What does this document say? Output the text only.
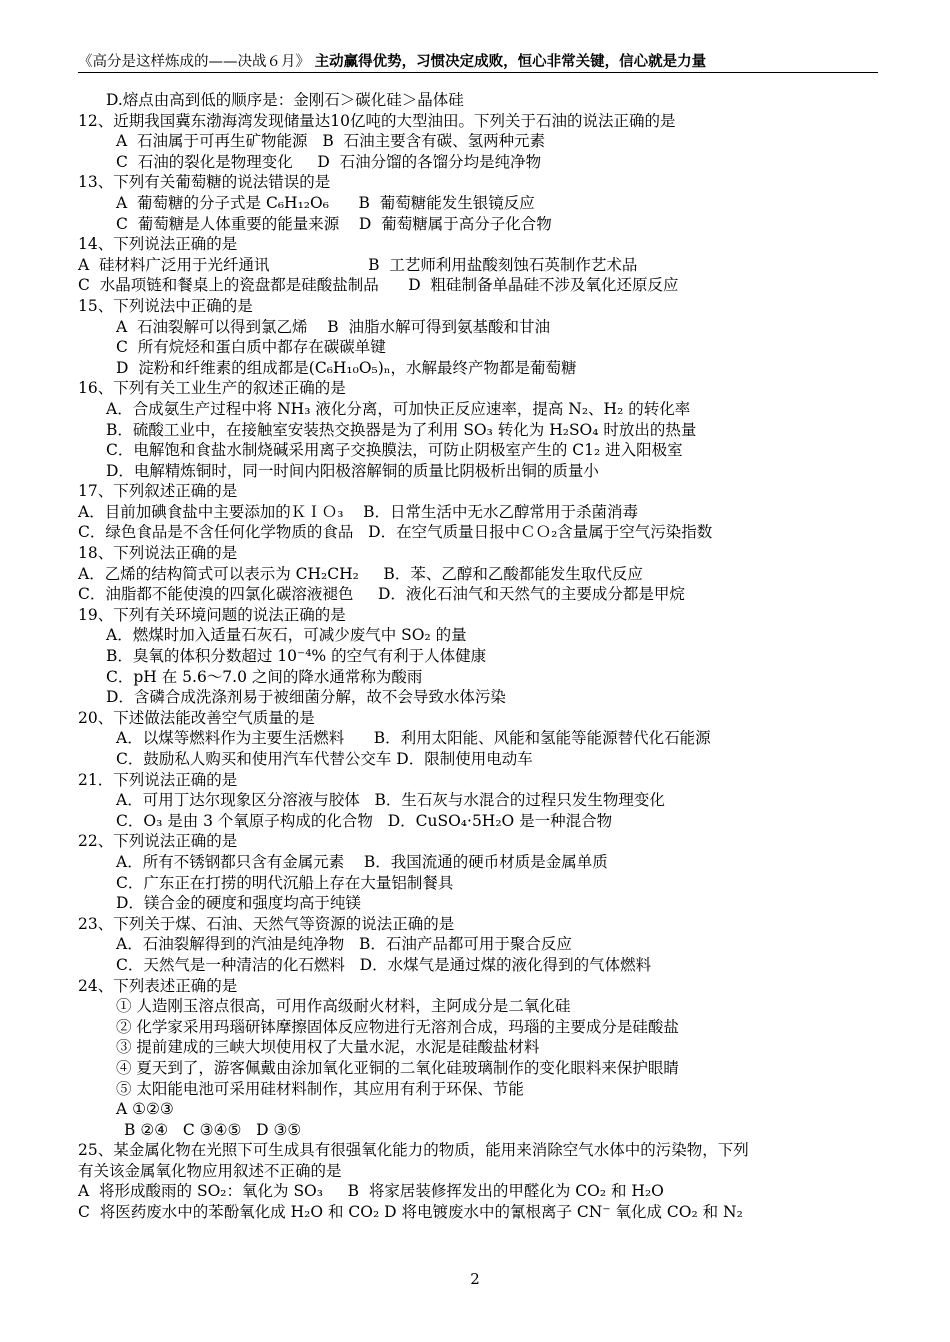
《高分是这样炼成的——决战６月》 主动赢得优势，习惯决定成败，恒心非常关键，信心就是力量
D.熔点由高到低的顺序是：金刚石＞碳化硅＞晶体硅
12、近期我国冀东渤海湾发现储量达10亿吨的大型油田。下列关于石油的说法正确的是
A  石油属于可再生矿物能源   B  石油主要含有碳、氢两种元素
C  石油的裂化是物理变化     D  石油分馏的各馏分均是纯净物
13、下列有关葡萄糖的说法错误的是
A  葡萄糖的分子式是 C₆H₁₂O₆      B  葡萄糖能发生银镜反应
C  葡萄糖是人体重要的能量来源    D  葡萄糖属于高分子化合物
14、下列说法正确的是
A  硅材料广泛用于光纤通讯                    B  工艺师利用盐酸刻蚀石英制作艺术品
C  水晶项链和餐桌上的瓷盘都是硅酸盐制品      D  粗硅制备单晶硅不涉及氧化还原反应
15、下列说法中正确的是
A  石油裂解可以得到氯乙烯    B  油脂水解可得到氨基酸和甘油
C  所有烷烃和蛋白质中都存在碳碳单键
D  淀粉和纤维素的组成都是(C₆H₁₀O₅)ₙ，水解最终产物都是葡萄糖
16、下列有关工业生产的叙述正确的是
A．合成氨生产过程中将 NH₃ 液化分离，可加快正反应速率，提高 N₂、H₂ 的转化率
B．硫酸工业中，在接触室安装热交换器是为了利用 SO₃ 转化为 H₂SO₄ 时放出的热量
C．电解饱和食盐水制烧碱采用离子交换膜法，可防止阴极室产生的 C1₂ 进入阳极室
D．电解精炼铜时，同一时间内阳极溶解铜的质量比阴极析出铜的质量小
17、下列叙述正确的是
A．目前加碘食盐中主要添加的ＫＩＯ₃    B．日常生活中无水乙醇常用于杀菌消毒
C．绿色食品是不含任何化学物质的食品   D．在空气质量日报中ＣＯ₂含量属于空气污染指数
18、下列说法正确的是
A．乙烯的结构简式可以表示为 CH₂CH₂     B．苯、乙醇和乙酸都能发生取代反应
C．油脂都不能使溴的四氯化碳溶液褪色     D．液化石油气和天然气的主要成分都是甲烷
19、下列有关环境问题的说法正确的是
A．燃煤时加入适量石灰石，可减少废气中 SO₂ 的量
B．臭氧的体积分数超过 10⁻⁴% 的空气有利于人体健康
C．pH 在 5.6～7.0 之间的降水通常称为酸雨
D．含磷合成洗涤剂易于被细菌分解，故不会导致水体污染
20、下述做法能改善空气质量的是
A．以煤等燃料作为主要生活燃料      B．利用太阳能、风能和氢能等能源替代化石能源
C．鼓励私人购买和使用汽车代替公交车 D．限制使用电动车
21．下列说法正确的是
A．可用丁达尔现象区分溶液与胶体   B．生石灰与水混合的过程只发生物理变化
C．O₃ 是由 3 个氧原子构成的化合物   D．CuSO₄·5H₂O 是一种混合物
22、下列说法正确的是
A．所有不锈钢都只含有金属元素    B．我国流通的硬币材质是金属单质
C．广东正在打捞的明代沉船上存在大量铝制餐具
D．镁合金的硬度和强度均高于纯镁
23、下列关于煤、石油、天然气等资源的说法正确的是
A．石油裂解得到的汽油是纯净物   B．石油产品都可用于聚合反应
C．天然气是一种清洁的化石燃料   D．水煤气是通过煤的液化得到的气体燃料
24、下列表述正确的是
① 人造刚玉溶点很高，可用作高级耐火材料，主阿成分是二氧化硅
② 化学家采用玛瑙研钵摩擦固体反应物进行无溶剂合成，玛瑙的主要成分是硅酸盐
③ 提前建成的三峡大坝使用权了大量水泥，水泥是硅酸盐材料
④ 夏天到了，游客佩戴由涂加氧化亚铜的二氧化硅玻璃制作的变化眼料来保护眼睛
⑤ 太阳能电池可采用硅材料制作，其应用有利于环保、节能
A ①②③
B ②④   C ③④⑤   D ③⑤
25、某金属化物在光照下可生成具有很强氧化能力的物质，能用来消除空气水体中的污染物，下列
有关该金属氧化物应用叙述不正确的是
A  将形成酸雨的 SO₂：氧化为 SO₃     B  将家居装修挥发出的甲醛化为 CO₂ 和 H₂O
C  将医药废水中的苯酚氧化成 H₂O 和 CO₂ D 将电镀废水中的氰根离子 CN⁻ 氧化成 CO₂ 和 N₂
2
